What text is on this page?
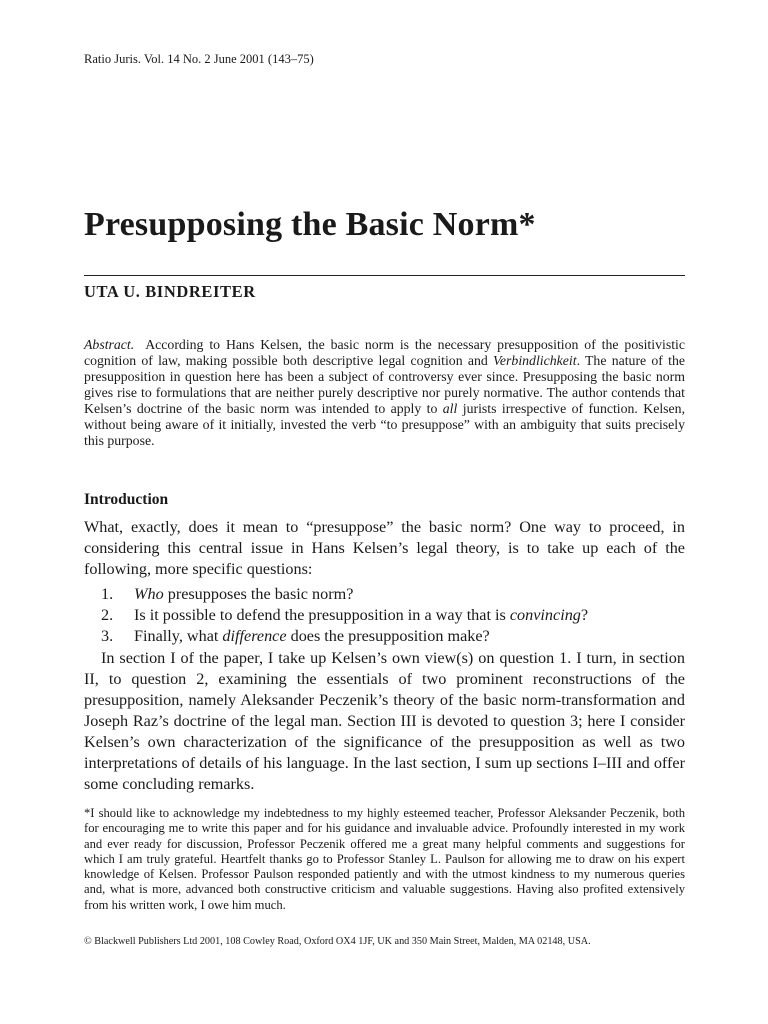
Ratio Juris. Vol. 14 No. 2 June 2001 (143–75)
Presupposing the Basic Norm*
UTA U. BINDREITER

Abstract. According to Hans Kelsen, the basic norm is the necessary presupposition of the positivistic cognition of law, making possible both descriptive legal cognition and Verbindlichkeit. The nature of the presupposition in question here has been a subject of controversy ever since. Presupposing the basic norm gives rise to formulations that are neither purely descriptive nor purely normative. The author contends that Kelsen’s doctrine of the basic norm was intended to apply to all jurists irrespective of function. Kelsen, without being aware of it initially, invested the verb “to presuppose” with an ambiguity that suits precisely this purpose.

Introduction

What, exactly, does it mean to “presuppose” the basic norm? One way to proceed, in considering this central issue in Hans Kelsen’s legal theory, is to take up each of the following, more specific questions:

1. Who presupposes the basic norm?
2. Is it possible to defend the presupposition in a way that is convincing?
3. Finally, what difference does the presupposition make?

In section I of the paper, I take up Kelsen’s own view(s) on question 1. I turn, in section II, to question 2, examining the essentials of two prominent reconstructions of the presupposition, namely Aleksander Peczenik’s theory of the basic norm-transformation and Joseph Raz’s doctrine of the legal man. Section III is devoted to question 3; here I consider Kelsen’s own characterization of the significance of the presupposition as well as two interpretations of details of his language. In the last section, I sum up sections I–III and offer some concluding remarks.

*I should like to acknowledge my indebtedness to my highly esteemed teacher, Professor Aleksander Peczenik, both for encouraging me to write this paper and for his guidance and invaluable advice. Profoundly interested in my work and ever ready for discussion, Professor Peczenik offered me a great many helpful comments and suggestions for which I am truly grateful. Heartfelt thanks go to Professor Stanley L. Paulson for allowing me to draw on his expert knowledge of Kelsen. Professor Paulson responded patiently and with the utmost kindness to my numerous queries and, what is more, advanced both constructive criticism and valuable suggestions. Having also profited extensively from his written work, I owe him much.

© Blackwell Publishers Ltd 2001, 108 Cowley Road, Oxford OX4 1JF, UK and 350 Main Street, Malden, MA 02148, USA.
